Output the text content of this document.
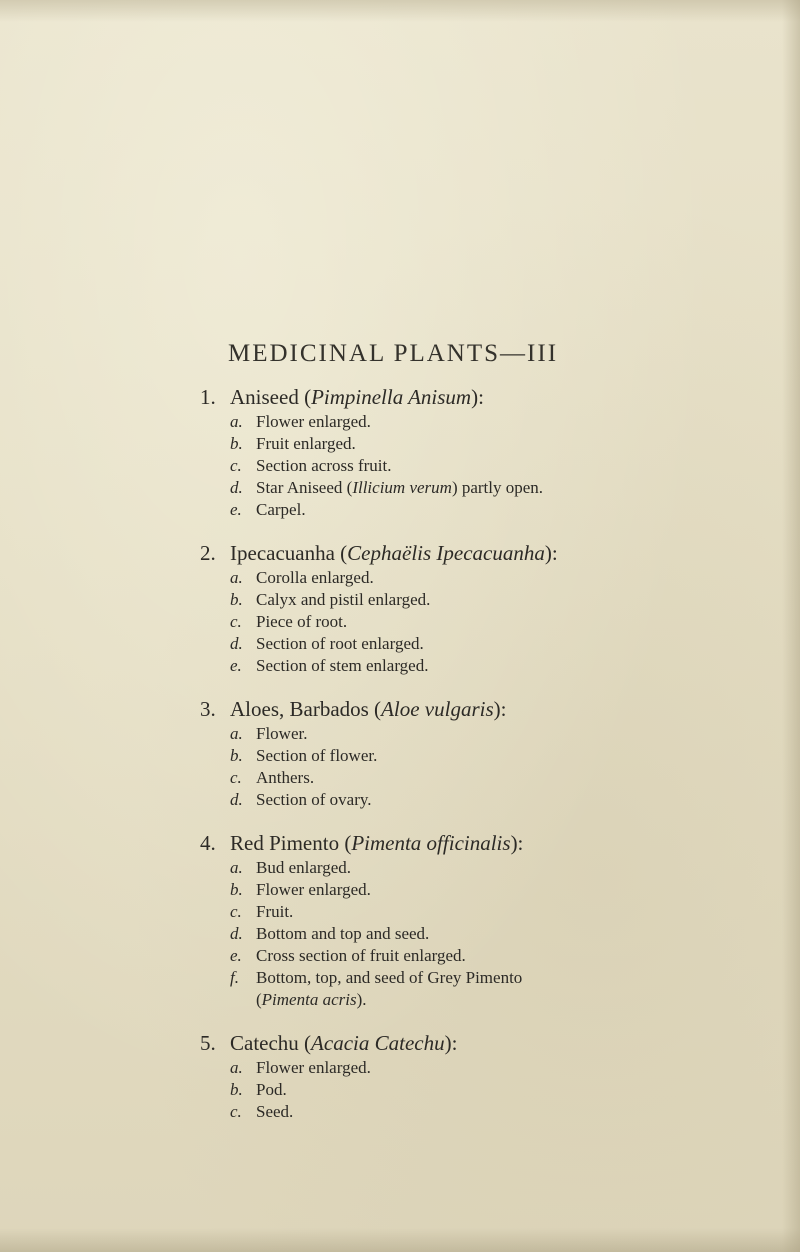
MEDICINAL PLANTS—III
1. Aniseed ( Pimpinella Anisum ):
a. Flower enlarged.
b. Fruit enlarged.
c. Section across fruit.
d. Star Aniseed ( Illicium verum ) partly open.
e. Carpel.
2. Ipecacuanha ( Cephaëlis Ipecacuanha ):
a. Corolla enlarged.
b. Calyx and pistil enlarged.
c. Piece of root.
d. Section of root enlarged.
e. Section of stem enlarged.
3. Aloes, Barbados ( Aloe vulgaris ):
a. Flower.
b. Section of flower.
c. Anthers.
d. Section of ovary.
4. Red Pimento ( Pimenta officinalis ):
a. Bud enlarged.
b. Flower enlarged.
c. Fruit.
d. Bottom and top and seed.
e. Cross section of fruit enlarged.
f.	Bottom, top, and seed of Grey Pimento
(Pimenta acris).
5. Catechu ( Acacia Catechu ):
a. Flower enlarged.
b. Pod.
c. Seed.
